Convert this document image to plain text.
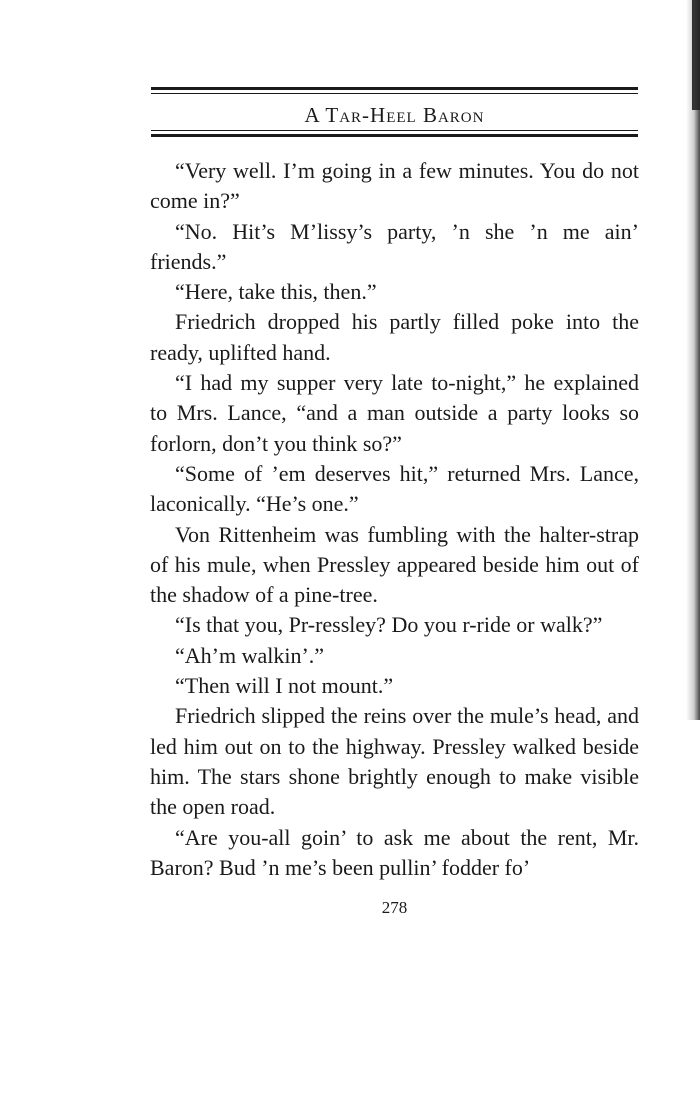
A Tar-Heel Baron

“Very well. I’m going in a few minutes. You do not come in?”

“No. Hit’s M’lissy’s party, ’n she ’n me ain’ friends.”

“Here, take this, then.”

Friedrich dropped his partly filled poke into the ready, uplifted hand.

“I had my supper very late to-night,” he explained to Mrs. Lance, “and a man outside a party looks so forlorn, don’t you think so?”

“Some of ’em deserves hit,” returned Mrs. Lance, laconically. “He’s one.”

Von Rittenheim was fumbling with the halter-strap of his mule, when Pressley appeared beside him out of the shadow of a pine-tree.

“Is that you, Pr-ressley? Do you r-ride or walk?”

“Ah’m walkin’.”

“Then will I not mount.”

Friedrich slipped the reins over the mule’s head, and led him out on to the highway. Pressley walked beside him. The stars shone brightly enough to make visible the open road.

“Are you-all goin’ to ask me about the rent, Mr. Baron? Bud ’n me’s been pullin’ fodder fo’

278
